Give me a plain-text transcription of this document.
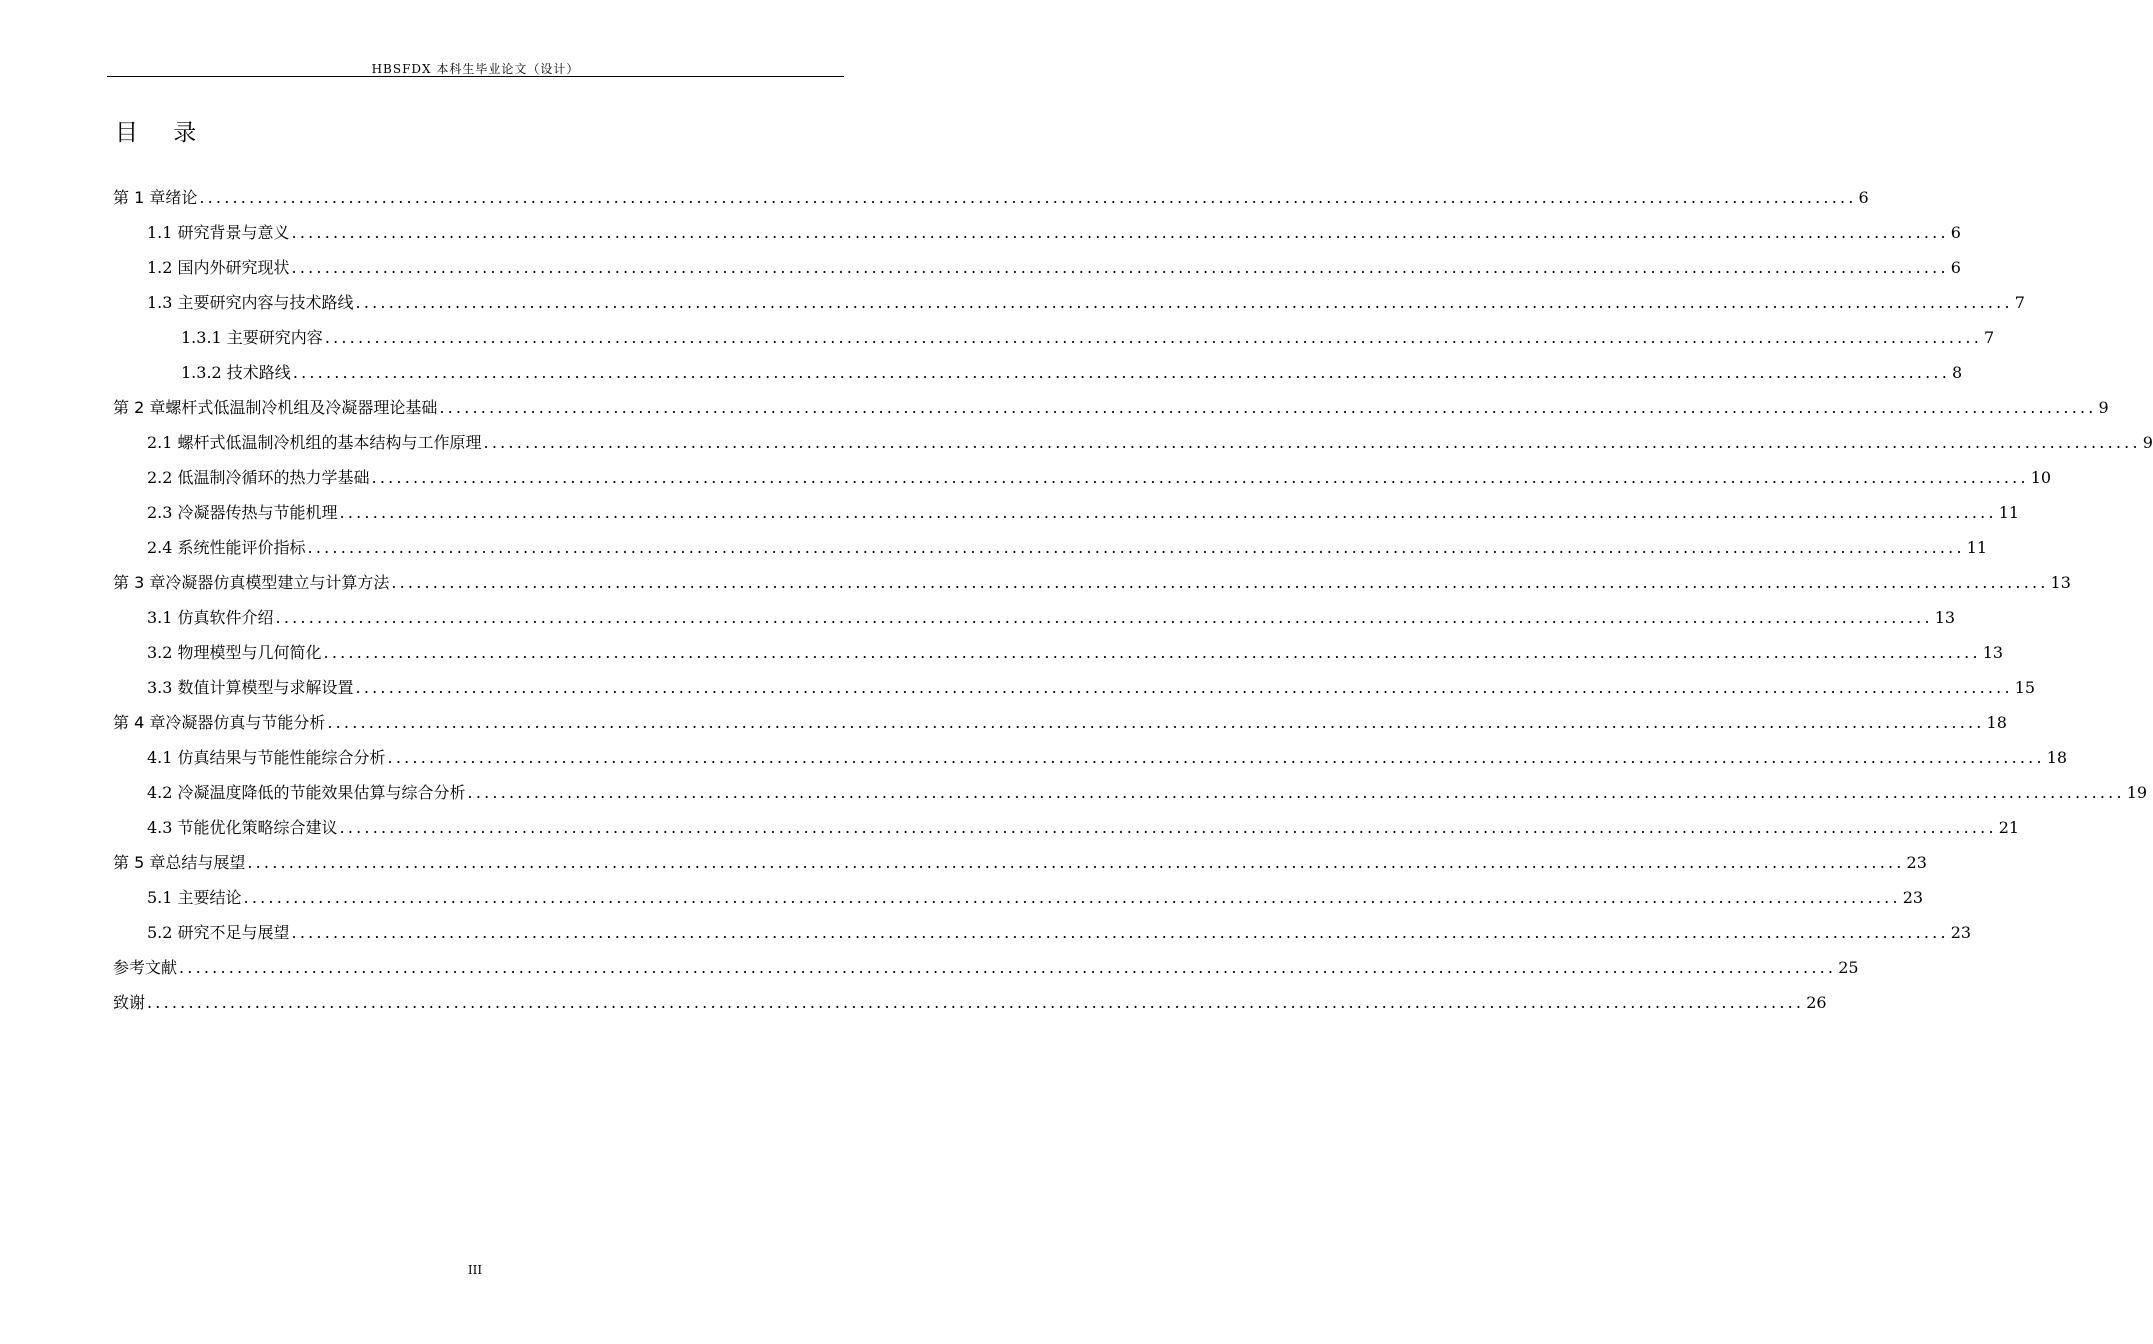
HBSFDX 本科生毕业论文（设计）
目 录
第 1 章绪论 ........................................................................................................................................................................................................ 6
1.1 研究背景与意义 ........................................................................................................................................................................................................ 6
1.2 国内外研究现状 ........................................................................................................................................................................................................ 6
1.3 主要研究内容与技术路线 ........................................................................................................................................................................................................ 7
1.3.1 主要研究内容 ........................................................................................................................................................................................................ 7
1.3.2 技术路线 ........................................................................................................................................................................................................ 8
第 2 章螺杆式低温制冷机组及冷凝器理论基础 ........................................................................................................................................................................................................ 9
2.1 螺杆式低温制冷机组的基本结构与工作原理 ........................................................................................................................................................................................................ 9
2.2 低温制冷循环的热力学基础 ........................................................................................................................................................................................................ 10
2.3 冷凝器传热与节能机理 ........................................................................................................................................................................................................ 11
2.4 系统性能评价指标 ........................................................................................................................................................................................................ 11
第 3 章冷凝器仿真模型建立与计算方法 ........................................................................................................................................................................................................ 13
3.1 仿真软件介绍 ........................................................................................................................................................................................................ 13
3.2 物理模型与几何简化 ........................................................................................................................................................................................................ 13
3.3 数值计算模型与求解设置 ........................................................................................................................................................................................................ 15
第 4 章冷凝器仿真与节能分析 ........................................................................................................................................................................................................ 18
4.1 仿真结果与节能性能综合分析 ........................................................................................................................................................................................................ 18
4.2 冷凝温度降低的节能效果估算与综合分析 ........................................................................................................................................................................................................ 19
4.3 节能优化策略综合建议 ........................................................................................................................................................................................................ 21
第 5 章总结与展望 ........................................................................................................................................................................................................ 23
5.1 主要结论 ........................................................................................................................................................................................................ 23
5.2 研究不足与展望 ........................................................................................................................................................................................................ 23
参考文献 ........................................................................................................................................................................................................ 25
致谢 ........................................................................................................................................................................................................ 26
III
